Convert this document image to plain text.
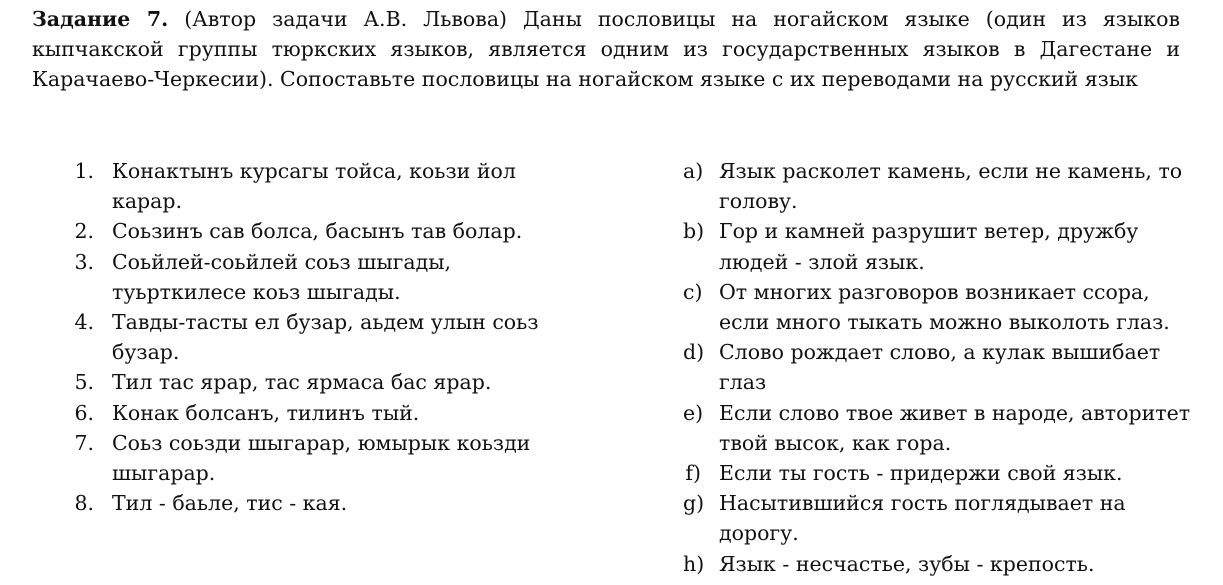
Задание 7. (Автор задачи А.В. Львова) Даны пословицы на ногайском языке (один из языков кыпчакской группы тюркских языков, является одним из государственных языков в Дагестане и Карачаево-Черкесии). Сопоставьте пословицы на ногайском языке с их переводами на русский язык
1. Конактынъ курсагы тойса, коьзи йол карар.
2. Соьзинъ сав болса, басынъ тав болар.
3. Соьйлей-соьйлей соьз шыгады, туьрткилесе коьз шыгады.
4. Тавды-тасты ел бузар, аьдем улын соьз бузар.
5. Тил тас ярар, тас ярмаса бас ярар.
6. Конак болсанъ, тилинъ тый.
7. Соьз соьзди шыгарар, юмырык коьзди шыгарар.
8. Тил - баьле, тис - кая.
a) Язык расколет камень, если не камень, то голову.
b) Гор и камней разрушит ветер, дружбу людей - злой язык.
c) От многих разговоров возникает ссора, если много тыкать можно выколоть глаз.
d) Слово рождает слово, а кулак вышибает глаз
e) Если слово твое живет в народе, авторитет твой высок, как гора.
f) Если ты гость - придержи свой язык.
g) Насытившийся гость поглядывает на дорогу.
h) Язык - несчастье, зубы - крепость.
